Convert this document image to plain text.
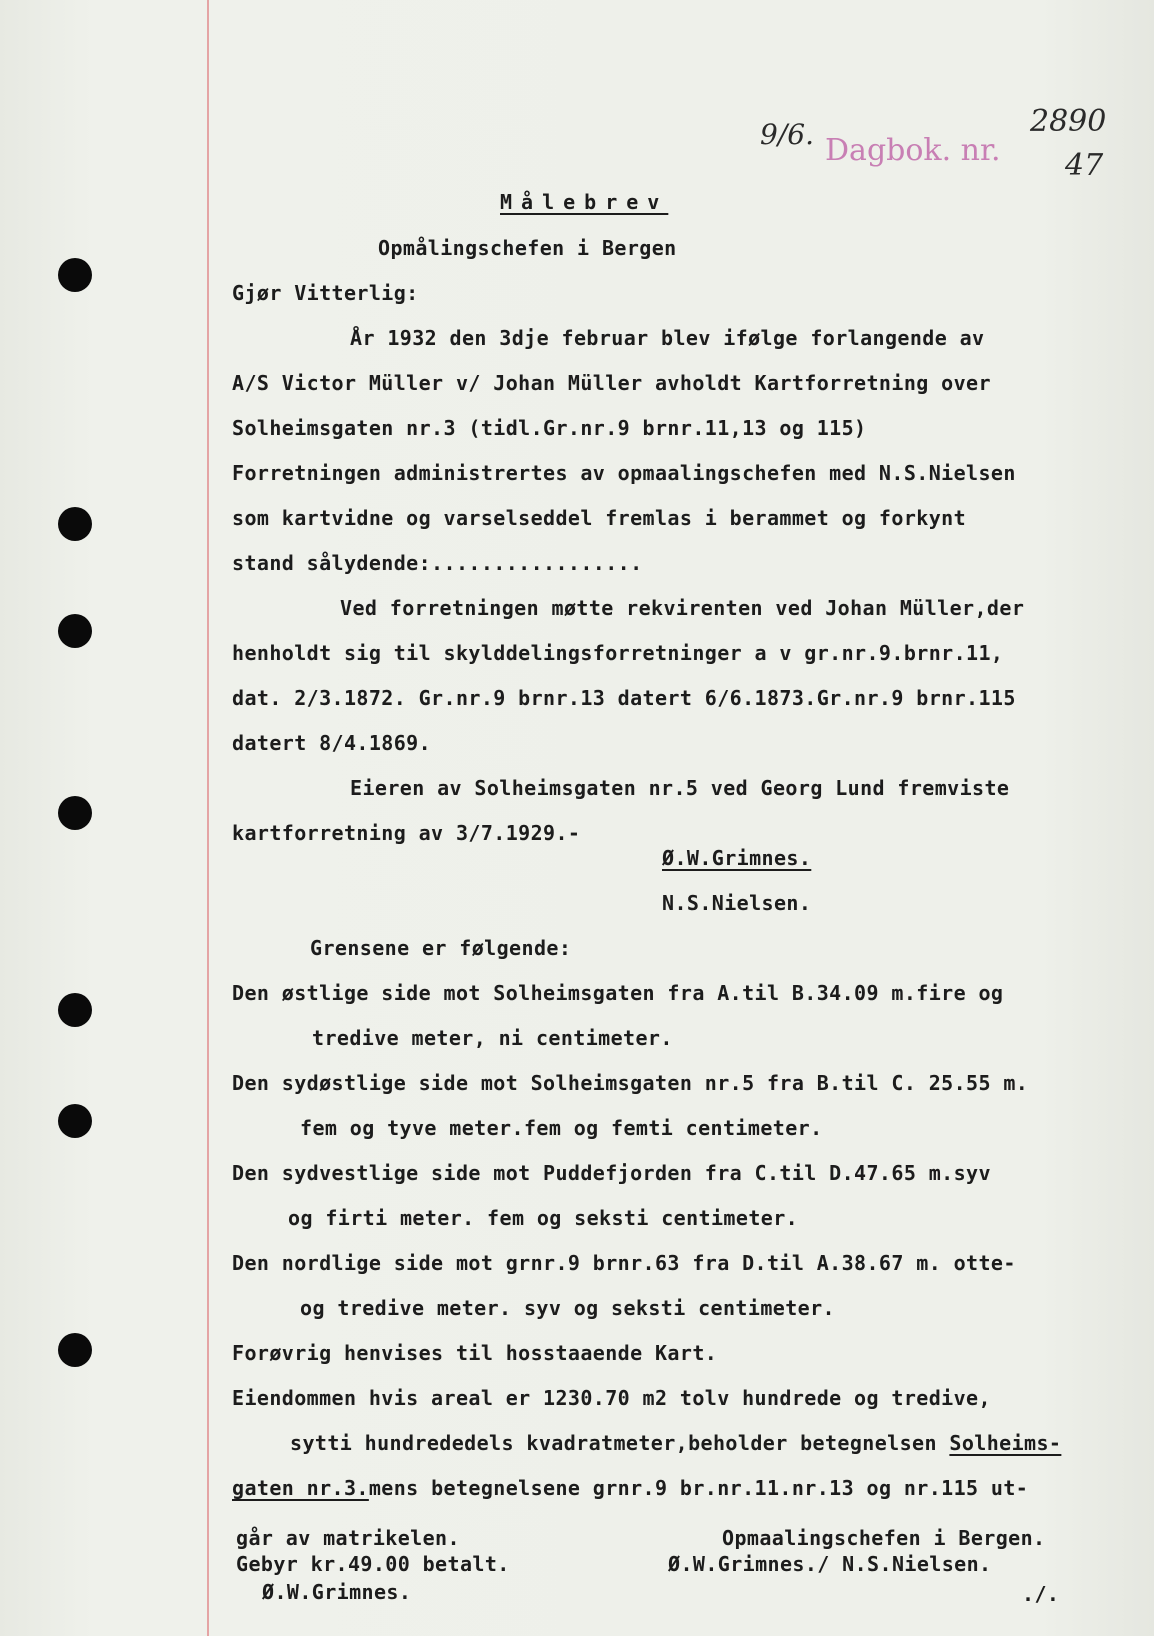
9/6. Dagbok. nr.
2890
47
Målebrev
Opmålingschefen i Bergen
Gjør Vitterlig:
År 1932 den 3dje februar blev ifølge forlangende av
A/S Victor Müller v/ Johan Müller avholdt Kartforretning over
Solheimsgaten nr.3 (tidl.Gr.nr.9 brnr.11,13 og 115)
Forretningen administrertes av opmaalingschefen med N.S.Nielsen
som kartvidne og varselseddel fremlas i berammet og forkynt
stand sålydende:.................
Ved forretningen møtte rekvirenten ved Johan Müller,der
henholdt sig til skylddelingsforretninger a v gr.nr.9.brnr.11,
dat. 2/3.1872. Gr.nr.9 brnr.13 datert 6/6.1873.Gr.nr.9 brnr.115
datert 8/4.1869.
Eieren av Solheimsgaten nr.5 ved Georg Lund fremviste
kartforretning av 3/7.1929.-
Ø.W.Grimnes.
N.S.Nielsen.
Grensene er følgende:
Den østlige side mot Solheimsgaten fra A.til B.34.09 m.fire og
tredive meter, ni centimeter.
Den sydøstlige side mot Solheimsgaten nr.5 fra B.til C. 25.55 m.
fem og tyve meter.fem og femti centimeter.
Den sydvestlige side mot Puddefjorden fra C.til D.47.65 m.syv
og firti meter. fem og seksti centimeter.
Den nordlige side mot grnr.9 brnr.63 fra D.til A.38.67 m. otte-
og tredive meter. syv og seksti centimeter.
Forøvrig henvises til hosstaaende Kart.
Eiendommen hvis areal er 1230.70 m2 tolv hundrede og tredive,
sytti hundrededels kvadratmeter,beholder betegnelsen Solheims-
gaten nr.3.mens betegnelsene grnr.9 br.nr.11.nr.13 og nr.115 ut-
går av matrikelen.
Gebyr kr.49.00 betalt.
Ø.W.Grimnes.
Opmaalingschefen i Bergen.
Ø.W.Grimnes./ N.S.Nielsen.
./.
